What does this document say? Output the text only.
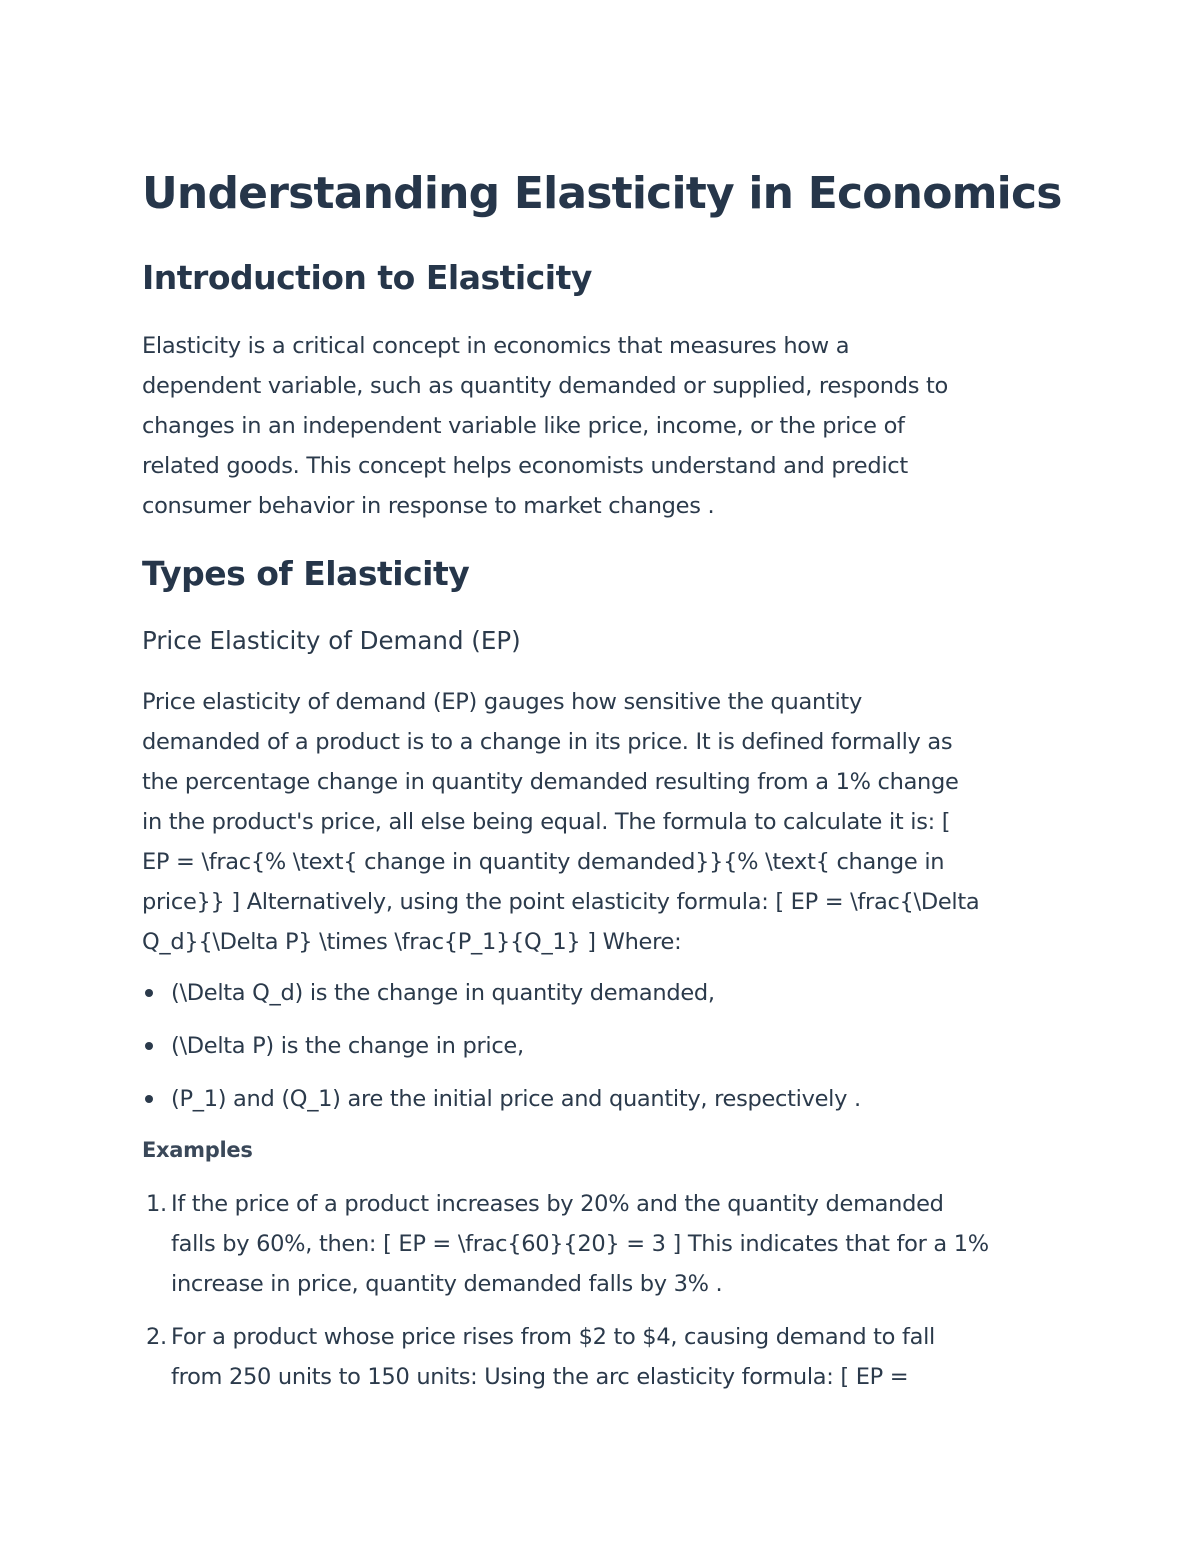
Understanding Elasticity in Economics
Introduction to Elasticity
Elasticity is a critical concept in economics that measures how a
dependent variable, such as quantity demanded or supplied, responds to
changes in an independent variable like price, income, or the price of
related goods. This concept helps economists understand and predict
consumer behavior in response to market changes .
Types of Elasticity
Price Elasticity of Demand (EP)
Price elasticity of demand (EP) gauges how sensitive the quantity
demanded of a product is to a change in its price. It is defined formally as
the percentage change in quantity demanded resulting from a 1% change
in the product's price, all else being equal. The formula to calculate it is: [
EP = \frac{% \text{ change in quantity demanded}}{% \text{ change in
price}} ] Alternatively, using the point elasticity formula: [ EP = \frac{\Delta
Q_d}{\Delta P} \times \frac{P_1}{Q_1} ] Where:
(\Delta Q_d) is the change in quantity demanded,
(\Delta P) is the change in price,
(P_1) and (Q_1) are the initial price and quantity, respectively .
Examples
1. If the price of a product increases by 20% and the quantity demanded
falls by 60%, then: [ EP = \frac{60}{20} = 3 ] This indicates that for a 1%
increase in price, quantity demanded falls by 3% .
2. For a product whose price rises from $2 to $4, causing demand to fall
from 250 units to 150 units: Using the arc elasticity formula: [ EP =
